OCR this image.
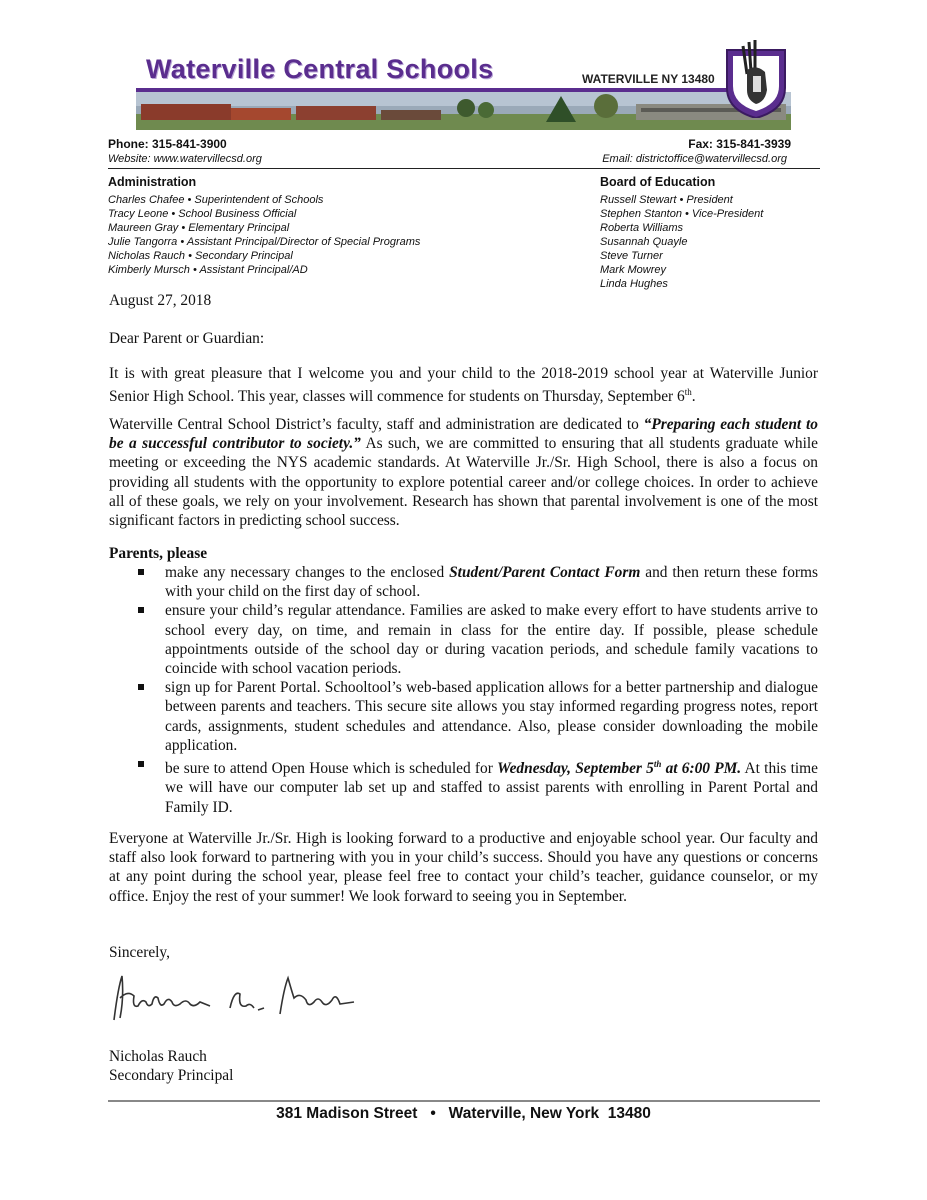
Waterville Central Schools	WATERVILLE NY 13480
Phone: 315-841-3900	Fax: 315-841-3939
Website: www.watervillecsd.org	Email: districtoffice@watervillecsd.org
Administration
Charles Chafee • Superintendent of Schools
Tracy Leone • School Business Official
Maureen Gray • Elementary Principal
Julie Tangorra • Assistant Principal/Director of Special Programs
Nicholas Rauch • Secondary Principal
Kimberly Mursch • Assistant Principal/AD
Board of Education
Russell Stewart • President
Stephen Stanton • Vice-President
Roberta Williams
Susannah Quayle
Steve Turner
Mark Mowrey
Linda Hughes
August 27, 2018
Dear Parent or Guardian:

It is with great pleasure that I welcome you and your child to the 2018-2019 school year at Waterville Junior Senior High School. This year, classes will commence for students on Thursday, September 6th.

Waterville Central School District’s faculty, staff and administration are dedicated to “Preparing each student to be a successful contributor to society.” As such, we are committed to ensuring that all students graduate while meeting or exceeding the NYS academic standards. At Waterville Jr./Sr. High School, there is also a focus on providing all students with the opportunity to explore potential career and/or college choices. In order to achieve all of these goals, we rely on your involvement. Research has shown that parental involvement is one of the most significant factors in predicting school success.

Parents, please
make any necessary changes to the enclosed Student/Parent Contact Form and then return these forms with your child on the first day of school.
ensure your child’s regular attendance. Families are asked to make every effort to have students arrive to school every day, on time, and remain in class for the entire day. If possible, please schedule appointments outside of the school day or during vacation periods, and schedule family vacations to coincide with school vacation periods.
sign up for Parent Portal. Schooltool’s web-based application allows for a better partnership and dialogue between parents and teachers. This secure site allows you stay informed regarding progress notes, report cards, assignments, student schedules and attendance. Also, please consider downloading the mobile application.
be sure to attend Open House which is scheduled for Wednesday, September 5th at 6:00 PM. At this time we will have our computer lab set up and staffed to assist parents with enrolling in Parent Portal and Family ID.

Everyone at Waterville Jr./Sr. High is looking forward to a productive and enjoyable school year. Our faculty and staff also look forward to partnering with you in your child’s success. Should you have any questions or concerns at any point during the school year, please feel free to contact your child’s teacher, guidance counselor, or my office. Enjoy the rest of your summer! We look forward to seeing you in September.

Sincerely,
Nicholas Rauch
Secondary Principal
381 Madison Street   •   Waterville, New York  13480
